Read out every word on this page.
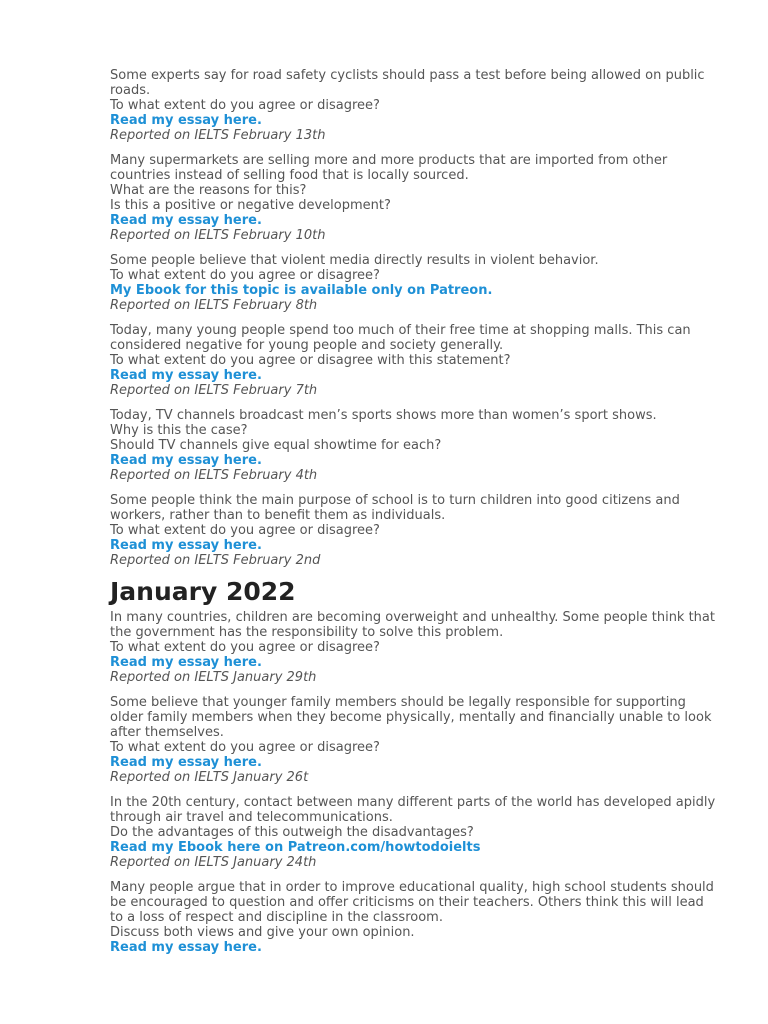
Some experts say for road safety cyclists should pass a test before being allowed on public roads.

To what extent do you agree or disagree?

Read my essay here.

Reported on IELTS February 13th

Many supermarkets are selling more and more products that are imported from other countries instead of selling food that is locally sourced.

What are the reasons for this?

Is this a positive or negative development?

Read my essay here.

Reported on IELTS February 10th

Some people believe that violent media directly results in violent behavior.

To what extent do you agree or disagree?

My Ebook for this topic is available only on Patreon.

Reported on IELTS February 8th

Today, many young people spend too much of their free time at shopping malls. This can considered negative for young people and society generally.

To what extent do you agree or disagree with this statement?

Read my essay here.

Reported on IELTS February 7th

Today, TV channels broadcast men’s sports shows more than women’s sport shows.

Why is this the case?

Should TV channels give equal showtime for each?

Read my essay here.

Reported on IELTS February 4th

Some people think the main purpose of school is to turn children into good citizens and workers, rather than to benefit them as individuals.

To what extent do you agree or disagree?

Read my essay here.

Reported on IELTS February 2nd

January 2022

In many countries, children are becoming overweight and unhealthy. Some people think that the government has the responsibility to solve this problem.

To what extent do you agree or disagree?

Read my essay here.

Reported on IELTS January 29th

Some believe that younger family members should be legally responsible for supporting older family members when they become physically, mentally and financially unable to look after themselves.

To what extent do you agree or disagree?

Read my essay here.

Reported on IELTS January 26t

In the 20th century, contact between many different parts of the world has developed apidly through air travel and telecommunications.

Do the advantages of this outweigh the disadvantages?

Read my Ebook here on Patreon.com/howtodoielts

Reported on IELTS January 24th

Many people argue that in order to improve educational quality, high school students should be encouraged to question and offer criticisms on their teachers. Others think this will lead to a loss of respect and discipline in the classroom.

Discuss both views and give your own opinion.

Read my essay here.
